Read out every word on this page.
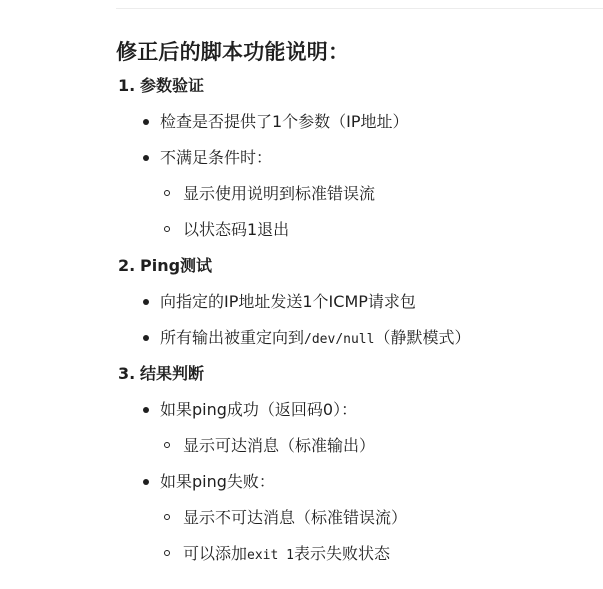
修正后的脚本功能说明：
1. 参数验证
检查是否提供了1个参数（IP地址）
不满足条件时：
显示使用说明到标准错误流
以状态码1退出
2. Ping测试
向指定的IP地址发送1个ICMP请求包
所有输出被重定向到/dev/null（静默模式）
3. 结果判断
如果ping成功（返回码0）：
显示可达消息（标准输出）
如果ping失败：
显示不可达消息（标准错误流）
可以添加exit 1表示失败状态
